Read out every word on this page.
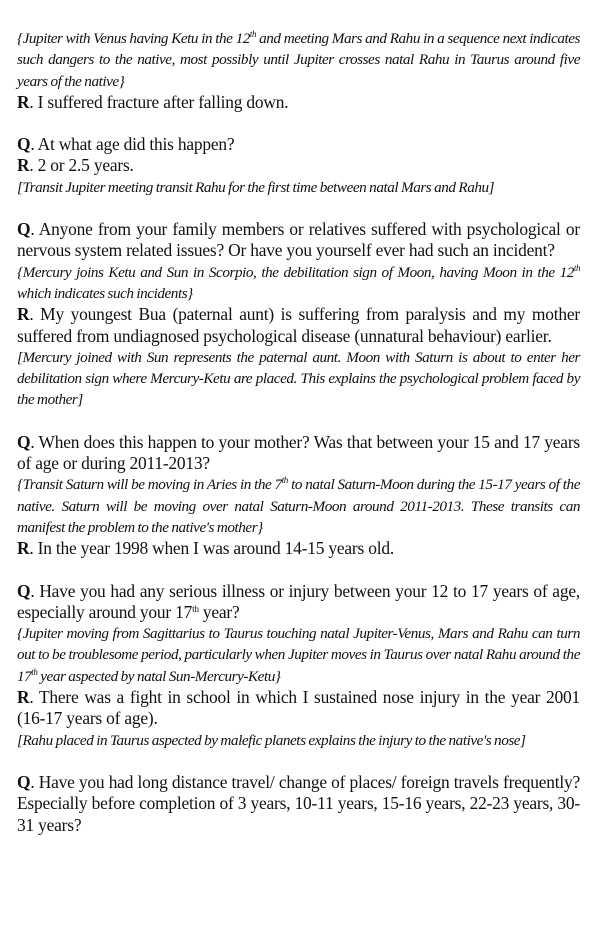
{Jupiter with Venus having Ketu in the 12th and meeting Mars and Rahu in a sequence next indicates such dangers to the native, most possibly until Jupiter crosses natal Rahu in Taurus around five years of the native}

R. I suffered fracture after falling down.

Q. At what age did this happen?

R. 2 or 2.5 years.

[Transit Jupiter meeting transit Rahu for the first time between natal Mars and Rahu]

Q. Anyone from your family members or relatives suffered with psychological or nervous system related issues? Or have you yourself ever had such an incident?

{Mercury joins Ketu and Sun in Scorpio, the debilitation sign of Moon, having Moon in the 12th which indicates such incidents}

R. My youngest Bua (paternal aunt) is suffering from paralysis and my mother suffered from undiagnosed psychological disease (unnatural behaviour) earlier.

[Mercury joined with Sun represents the paternal aunt. Moon with Saturn is about to enter her debilitation sign where Mercury-Ketu are placed. This explains the psychological problem faced by the mother]

Q. When does this happen to your mother? Was that between your 15 and 17 years of age or during 2011-2013?

{Transit Saturn will be moving in Aries in the 7th to natal Saturn-Moon during the 15-17 years of the native. Saturn will be moving over natal Saturn-Moon around 2011-2013. These transits can manifest the problem to the native's mother}

R. In the year 1998 when I was around 14-15 years old.

Q. Have you had any serious illness or injury between your 12 to 17 years of age, especially around your 17th year?

{Jupiter moving from Sagittarius to Taurus touching natal Jupiter-Venus, Mars and Rahu can turn out to be troublesome period, particularly when Jupiter moves in Taurus over natal Rahu around the 17th year aspected by natal Sun-Mercury-Ketu}

R. There was a fight in school in which I sustained nose injury in the year 2001 (16-17 years of age).

[Rahu placed in Taurus aspected by malefic planets explains the injury to the native's nose]

Q. Have you had long distance travel/ change of places/ foreign travels frequently? Especially before completion of 3 years, 10-11 years, 15-16 years, 22-23 years, 30-31 years?
